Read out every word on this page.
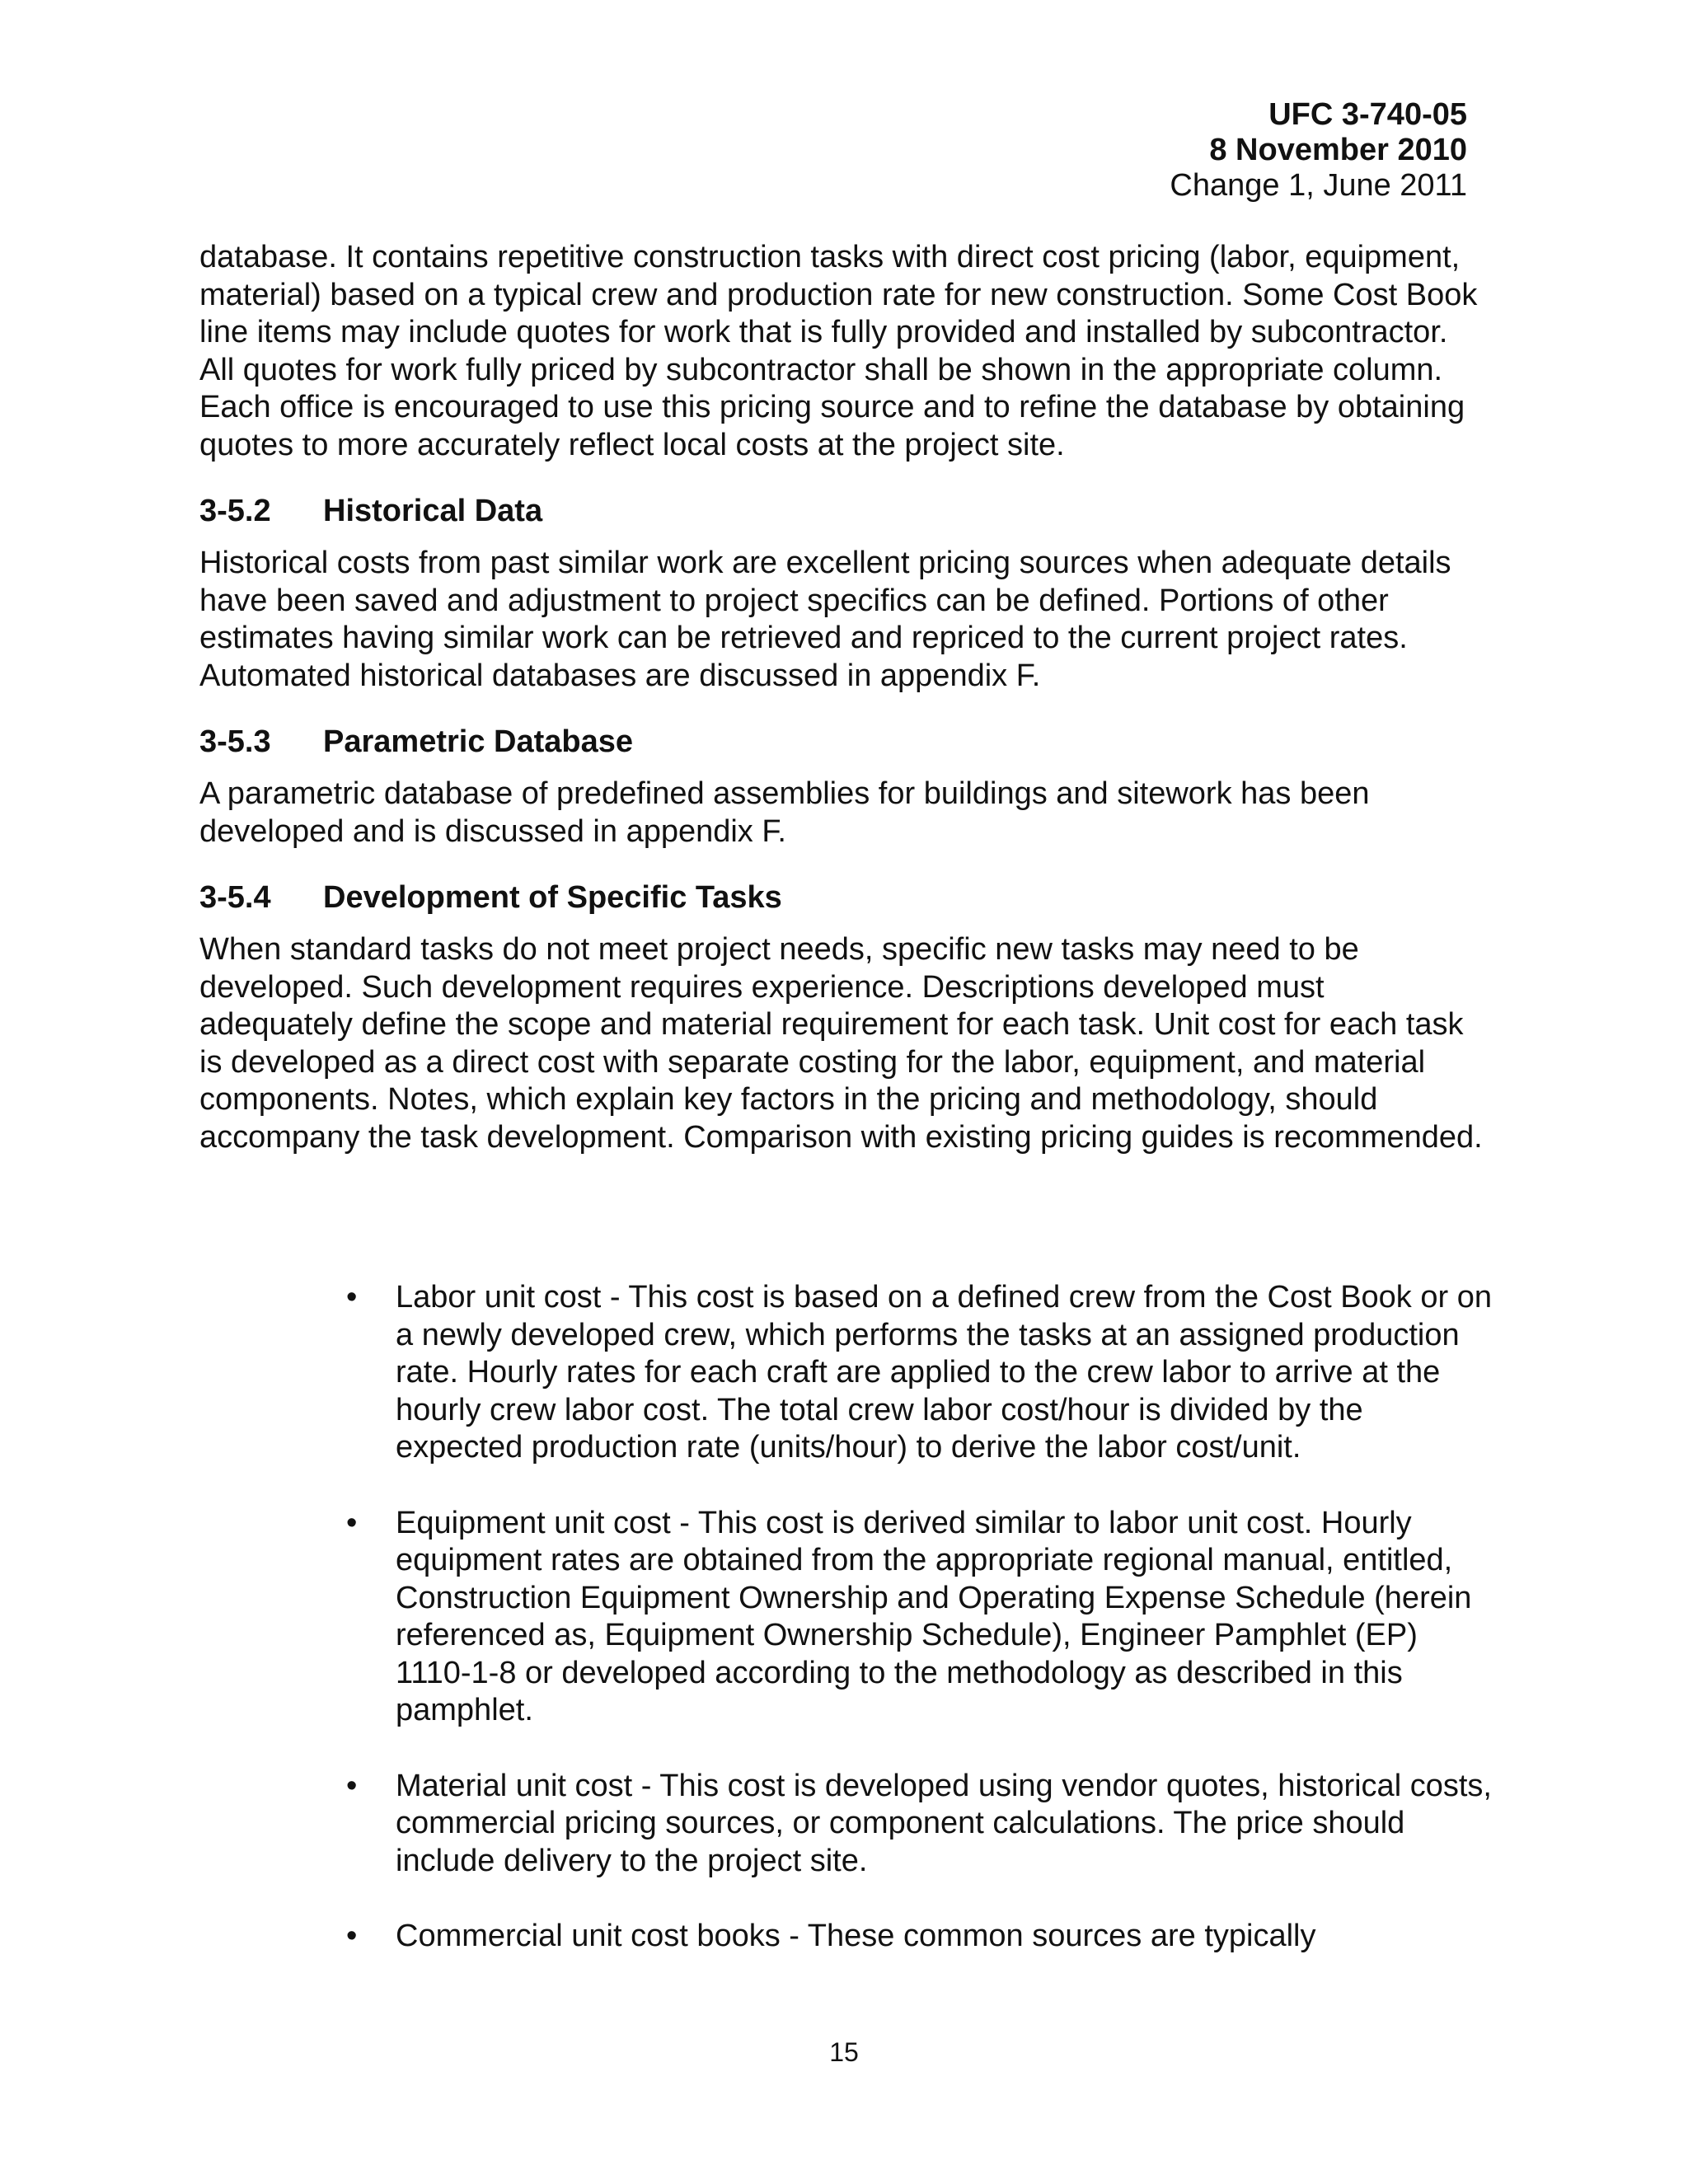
UFC 3-740-05
8 November 2010
Change 1, June 2011

database. It contains repetitive construction tasks with direct cost pricing (labor, equipment, material) based on a typical crew and production rate for new construction. Some Cost Book line items may include quotes for work that is fully provided and installed by subcontractor. All quotes for work fully priced by subcontractor shall be shown in the appropriate column. Each office is encouraged to use this pricing source and to refine the database by obtaining quotes to more accurately reflect local costs at the project site.

3-5.2	Historical Data

Historical costs from past similar work are excellent pricing sources when adequate details have been saved and adjustment to project specifics can be defined. Portions of other estimates having similar work can be retrieved and repriced to the current project rates. Automated historical databases are discussed in appendix F.

3-5.3	Parametric Database

A parametric database of predefined assemblies for buildings and sitework has been developed and is discussed in appendix F.

3-5.4	Development of Specific Tasks

When standard tasks do not meet project needs, specific new tasks may need to be developed. Such development requires experience. Descriptions developed must adequately define the scope and material requirement for each task. Unit cost for each task is developed as a direct cost with separate costing for the labor, equipment, and material components. Notes, which explain key factors in the pricing and methodology, should accompany the task development. Comparison with existing pricing guides is recommended.

•	Labor unit cost - This cost is based on a defined crew from the Cost Book or on a newly developed crew, which performs the tasks at an assigned production rate. Hourly rates for each craft are applied to the crew labor to arrive at the hourly crew labor cost. The total crew labor cost/hour is divided by the expected production rate (units/hour) to derive the labor cost/unit.
•	Equipment unit cost - This cost is derived similar to labor unit cost. Hourly equipment rates are obtained from the appropriate regional manual, entitled, Construction Equipment Ownership and Operating Expense Schedule (herein referenced as, Equipment Ownership Schedule), Engineer Pamphlet (EP) 1110-1-8 or developed according to the methodology as described in this pamphlet.
•	Material unit cost - This cost is developed using vendor quotes, historical costs, commercial pricing sources, or component calculations. The price should include delivery to the project site.
•	Commercial unit cost books - These common sources are typically
15
